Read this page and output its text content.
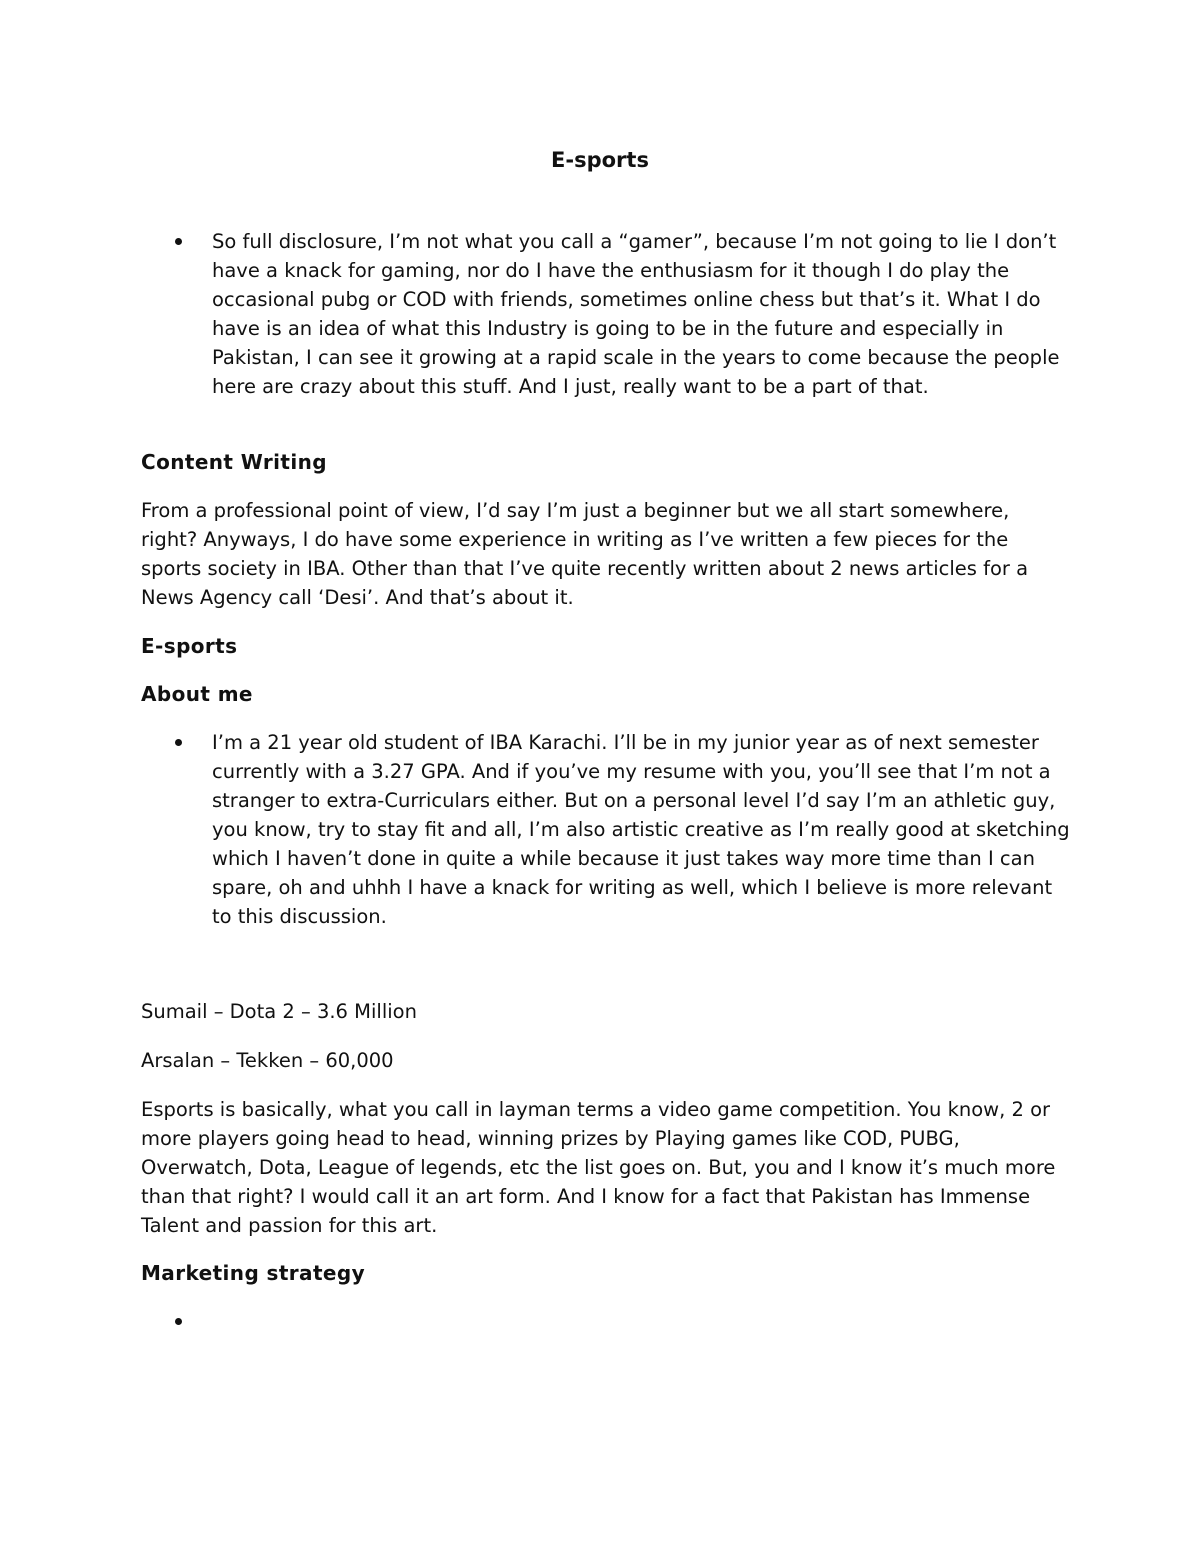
E-sports

So full disclosure, I’m not what you call a “gamer”, because I’m not going to lie I don’t have a knack for gaming, nor do I have the enthusiasm for it though I do play the occasional pubg or COD with friends, sometimes online chess but that’s it. What I do have is an idea of what this Industry is going to be in the future and especially in Pakistan, I can see it growing at a rapid scale in the years to come because the people here are crazy about this stuff. And I just, really want to be a part of that.

Content Writing

From a professional point of view, I’d say I’m just a beginner but we all start somewhere, right? Anyways, I do have some experience in writing as I’ve written a few pieces for the sports society in IBA. Other than that I’ve quite recently written about 2 news articles for a News Agency call ‘Desi’. And that’s about it.

E-sports
About me

I’m a 21 year old student of IBA Karachi. I’ll be in my junior year as of next semester currently with a 3.27 GPA. And if you’ve my resume with you, you’ll see that I’m not a stranger to extra-Curriculars either. But on a personal level I’d say I’m an athletic guy, you know, try to stay fit and all, I’m also artistic creative as I’m really good at sketching which I haven’t done in quite a while because it just takes way more time than I can spare, oh and uhhh I have a knack for writing as well, which I believe is more relevant to this discussion.

Sumail – Dota 2 – 3.6 Million

Arsalan – Tekken – 60,000

Esports is basically, what you call in layman terms a video game competition. You know, 2 or more players going head to head, winning prizes by Playing games like COD, PUBG, Overwatch, Dota, League of legends, etc the list goes on. But, you and I know it’s much more than that right? I would call it an art form. And I know for a fact that Pakistan has Immense Talent and passion for this art.

Marketing strategy
